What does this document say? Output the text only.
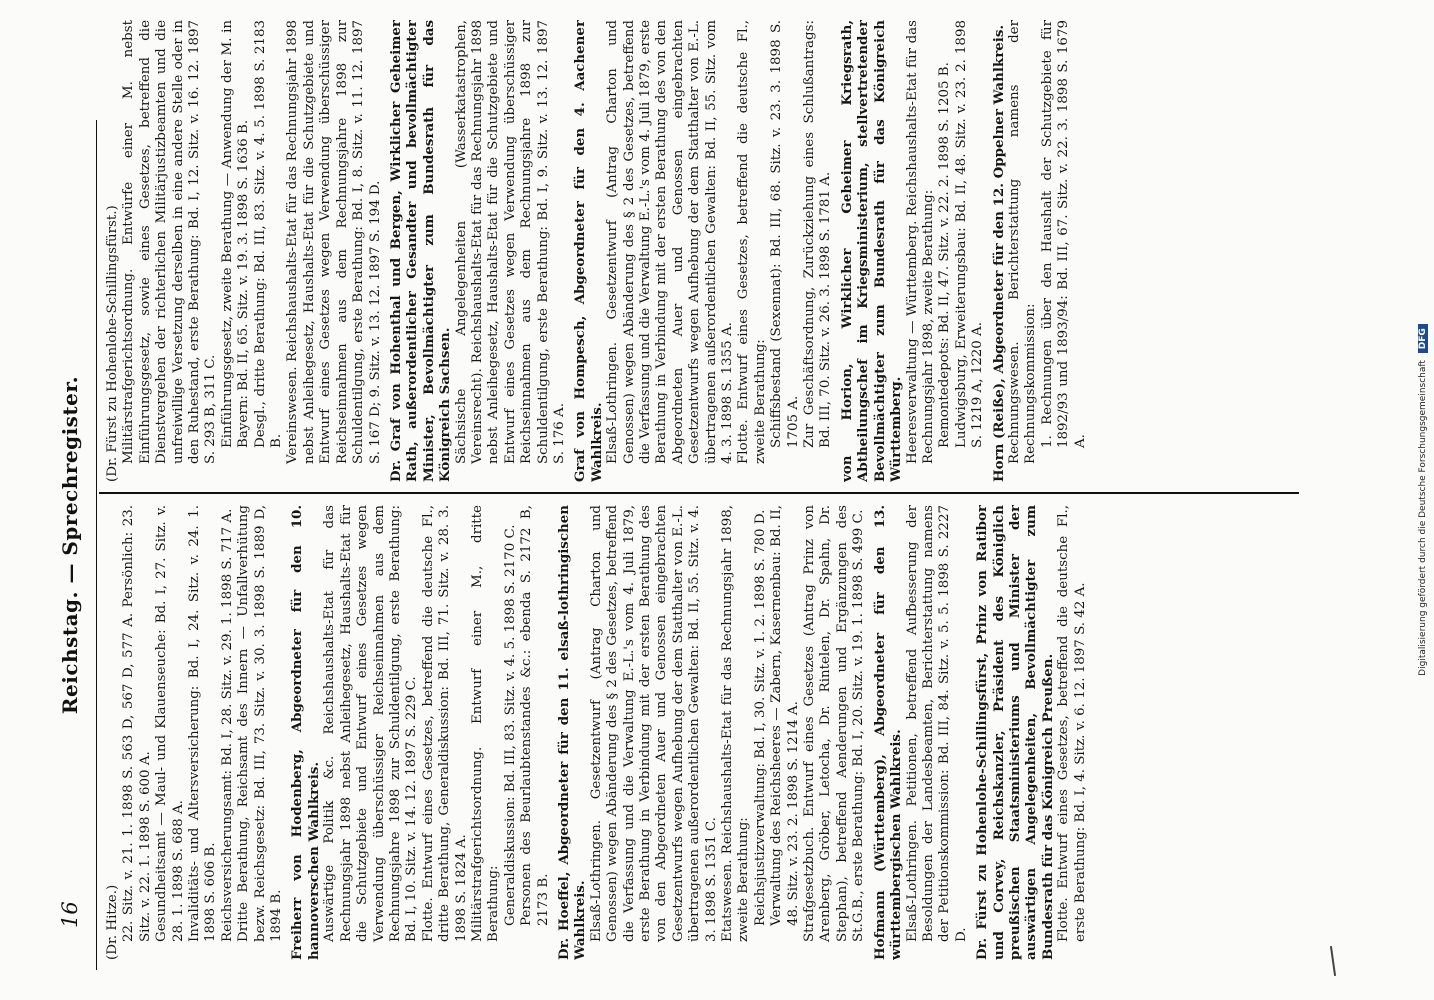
16
Reichstag. — Sprechregister.

(Dr. Hitze.) 22. Sitz. v. 21. 1. 1898 S. 563 D, 567 D, 577 A. Persönlich: 23. Sitz. v. 22. 1. 1898 S. 600 A. Gesundheitsamt — Maul- und Klauenseuche: Bd. I, 27. Sitz. v. 28. 1. 1898 S. 688 A. Invaliditäts- und Altersversicherung: Bd. I, 24. Sitz. v. 24. 1. 1898 S. 606 B. Reichsversicherungsamt: Bd. I, 28. Sitz. v. 29. 1. 1898 S. 717 A. Dritte Berathung, Reichsamt des Innern — Unfallverhütung bezw. Reichsgesetz: Bd. III, 73. Sitz. v. 30. 3. 1898 S. 1889 D, 1894 B. Freiherr von Hodenberg, Abgeordneter für den 10. hannoverschen Wahlkreis. Auswärtige Politik &c. Reichshaushalts-Etat für das Rechnungsjahr 1898 nebst Anleihegesetz, Haushalts-Etat für die Schutzgebiete und Entwurf eines Gesetzes wegen Verwendung überschüssiger Reichseinnahmen aus dem Rechnungsjahre 1898 zur Schuldentilgung, erste Berathung: Bd. I, 10. Sitz. v. 14. 12. 1897 S. 229 C. Flotte. Entwurf eines Gesetzes, betreffend die deutsche Fl., dritte Berathung, Generaldiskussion: Bd. III, 71. Sitz. v. 28. 3. 1898 S. 1824 A. Militärstrafgerichtsordnung. Entwurf einer M., dritte Berathung: Generaldiskussion: Bd. III, 83. Sitz. v. 4. 5. 1898 S. 2170 C. Personen des Beurlaubtenstandes &c.: ebenda S. 2172 B, 2173 B. Dr. Hoeffel, Abgeordneter für den 11. elsaß-lothringischen Wahlkreis. Elsaß-Lothringen. Gesetzentwurf (Antrag Charton und Genossen) wegen Abänderung des § 2 des Gesetzes, betreffend die Verfassung und die Verwaltung E.-L.'s vom 4. Juli 1879, erste Berathung in Verbindung mit der ersten Berathung des von den Abgeordneten Auer und Genossen eingebrachten Gesetzentwurfs wegen Aufhebung der dem Statthalter von E.-L. übertragenen außerordentlichen Gewalten: Bd. II, 55. Sitz. v. 4. 3. 1898 S. 1351 C. Etatswesen. Reichshaushalts-Etat für das Rechnungsjahr 1898, zweite Berathung: Reichsjustizverwaltung: Bd. I, 30. Sitz. v. 1. 2. 1898 S. 780 D. Verwaltung des Reichsheeres — Zabern, Kasernenbau: Bd. II, 48. Sitz. v. 23. 2. 1898 S. 1214 A. Strafgesetzbuch. Entwurf eines Gesetzes (Antrag Prinz von Arenberg, Gröber, Letocha, Dr. Rintelen, Dr. Spahn, Dr. Stephan), betreffend Aenderungen und Ergänzungen des St.G.B., erste Berathung: Bd. I, 20. Sitz. v. 19. 1. 1898 S. 499 C. Hofmann (Württemberg), Abgeordneter für den 13. württembergischen Wahlkreis. Elsaß-Lothringen. Petitionen, betreffend Aufbesserung der Besoldungen der Landesbeamten, Berichterstattung namens der Petitionskommission: Bd. III, 84. Sitz. v. 5. 5. 1898 S. 2227 D. Dr. Fürst zu Hohenlohe-Schillingsfürst, Prinz von Ratibor und Corvey, Reichskanzler, Präsident des Königlich preußischen Staatsministeriums und Minister der auswärtigen Angelegenheiten, Bevollmächtigter zum Bundesrath für das Königreich Preußen. Flotte. Entwurf eines Gesetzes, betreffend die deutsche Fl., erste Berathung: Bd. I, 4. Sitz. v. 6. 12. 1897 S. 42 A.

(Dr. Fürst zu Hohenlohe-Schillingsfürst.) Militärstrafgerichtsordnung. Entwürfe einer M. nebst Einführungsgesetz, sowie eines Gesetzes, betreffend die Dienstvergehen der richterlichen Militärjustizbeamten und die unfreiwillige Versetzung derselben in eine andere Stelle oder in den Ruhestand, erste Berathung: Bd. I, 12. Sitz. v. 16. 12. 1897 S. 293 B, 311 C. Einführungsgesetz, zweite Berathung — Anwendung der M. in Bayern: Bd. II, 65. Sitz. v. 19. 3. 1898 S. 1636 B. Desgl., dritte Berathung: Bd. III, 83. Sitz. v. 4. 5. 1898 S. 2183 B. Vereinswesen. Reichshaushalts-Etat für das Rechnungsjahr 1898 nebst Anleihegesetz, Haushalts-Etat für die Schutzgebiete und Entwurf eines Gesetzes wegen Verwendung überschüssiger Reichseinnahmen aus dem Rechnungsjahre 1898 zur Schuldentilgung, erste Berathung: Bd. I, 8. Sitz. v. 11. 12. 1897 S. 167 D; 9. Sitz. v. 13. 12. 1897 S. 194 D. Dr. Graf von Hohenthal und Bergen, Wirklicher Geheimer Rath, außerordentlicher Gesandter und bevollmächtigter Minister, Bevollmächtigter zum Bundesrath für das Königreich Sachsen. Sächsische Angelegenheiten (Wasserkatastrophen, Vereinsrecht). Reichshaushalts-Etat für das Rechnungsjahr 1898 nebst Anleihegesetz, Haushalts-Etat für die Schutzgebiete und Entwurf eines Gesetzes wegen Verwendung überschüssiger Reichseinnahmen aus dem Rechnungsjahre 1898 zur Schuldentilgung, erste Berathung: Bd. I, 9. Sitz. v. 13. 12. 1897 S. 176 A. Graf von Hompesch, Abgeordneter für den 4. Aachener Wahlkreis. Elsaß-Lothringen. Gesetzentwurf (Antrag Charton und Genossen) wegen Abänderung des § 2 des Gesetzes, betreffend die Verfassung und die Verwaltung E.-L.'s vom 4. Juli 1879, erste Berathung in Verbindung mit der ersten Berathung des von den Abgeordneten Auer und Genossen eingebrachten Gesetzentwurfs wegen Aufhebung der dem Statthalter von E.-L. übertragenen außerordentlichen Gewalten: Bd. II, 55. Sitz. vom 4. 3. 1898 S. 1355 A. Flotte. Entwurf eines Gesetzes, betreffend die deutsche Fl., zweite Berathung: Schiffsbestand (Sexennat): Bd. III, 68. Sitz. v. 23. 3. 1898 S. 1705 A. Zur Geschäftsordnung, Zurückziehung eines Schlußantrags: Bd. III, 70. Sitz. v. 26. 3. 1898 S. 1781 A. von Horion, Wirklicher Geheimer Kriegsrath, Abtheilungschef im Kriegsministerium, stellvertretender Bevollmächtigter zum Bundesrath für das Königreich Württemberg. Heeresverwaltung — Württemberg. Reichshaushalts-Etat für das Rechnungsjahr 1898, zweite Berathung: Remontedepots: Bd. II, 47. Sitz. v. 22. 2. 1898 S. 1205 B. Ludwigsburg, Erweiterungsbau: Bd. II, 48. Sitz. v. 23. 2. 1898 S. 1219 A, 1220 A. Horn (Reiße), Abgeordneter für den 12. Oppelner Wahlkreis. Rechnungswesen. Berichterstattung namens der Rechnungskommission: 1. Rechnungen über den Haushalt der Schutzgebiete für 1892/93 und 1893/94: Bd. III, 67. Sitz. v. 22. 3. 1898 S. 1679 A.	Digitalisierung gefördert durch die Deutsche Forschungsgemeinschaft DFG
